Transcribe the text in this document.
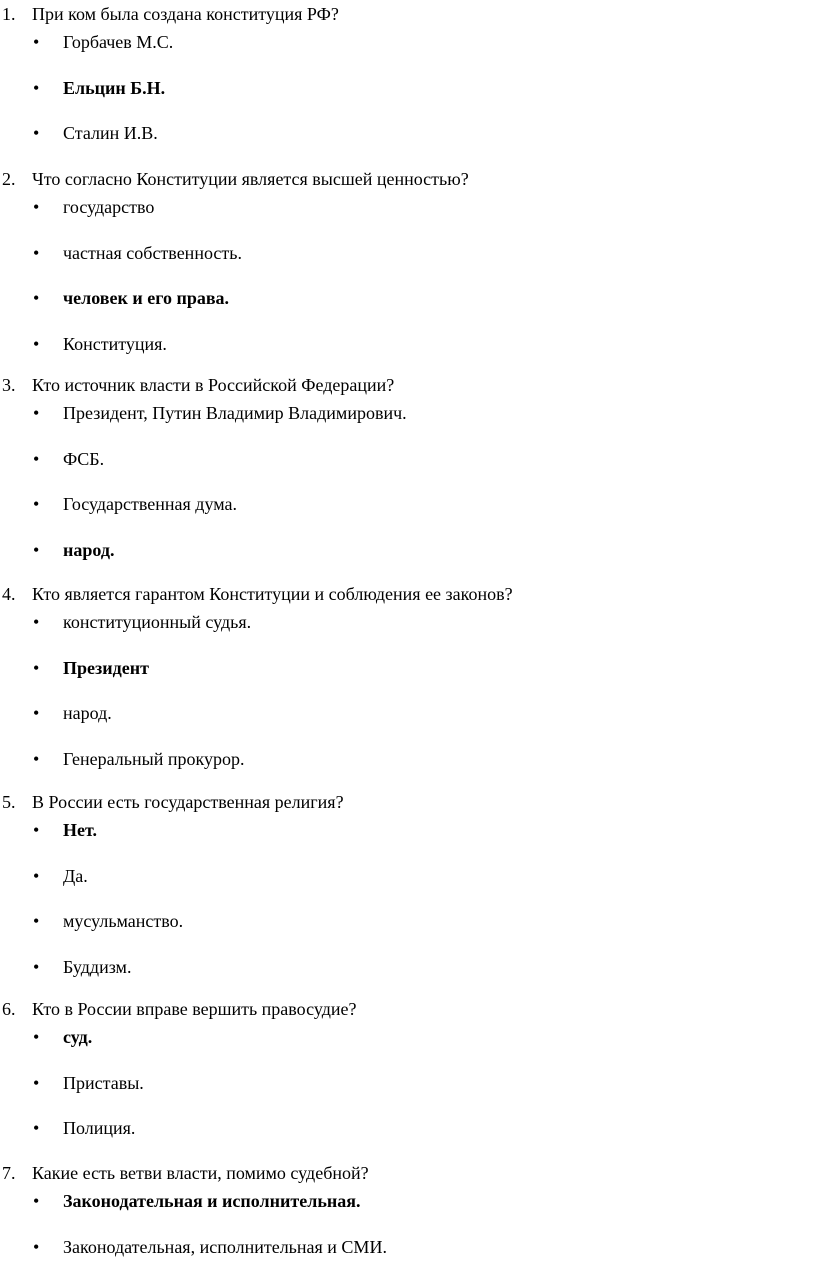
1. При ком была создана конституция РФ?
• Горбачев М.С.
• Ельцин Б.Н.
• Сталин И.В.
2. Что согласно Конституции является высшей ценностью?
• государство
• частная собственность.
• человек и его права.
• Конституция.
3. Кто источник власти в Российской Федерации?
• Президент, Путин Владимир Владимирович.
• ФСБ.
• Государственная дума.
• народ.
4. Кто является гарантом Конституции и соблюдения ее законов?
• конституционный судья.
• Президент
• народ.
• Генеральный прокурор.
5. В России есть государственная религия?
• Нет.
• Да.
• мусульманство.
• Буддизм.
6. Кто в России вправе вершить правосудие?
• суд.
• Приставы.
• Полиция.
7. Какие есть ветви власти, помимо судебной?
• Законодательная и исполнительная.
• Законодательная, исполнительная и СМИ.
